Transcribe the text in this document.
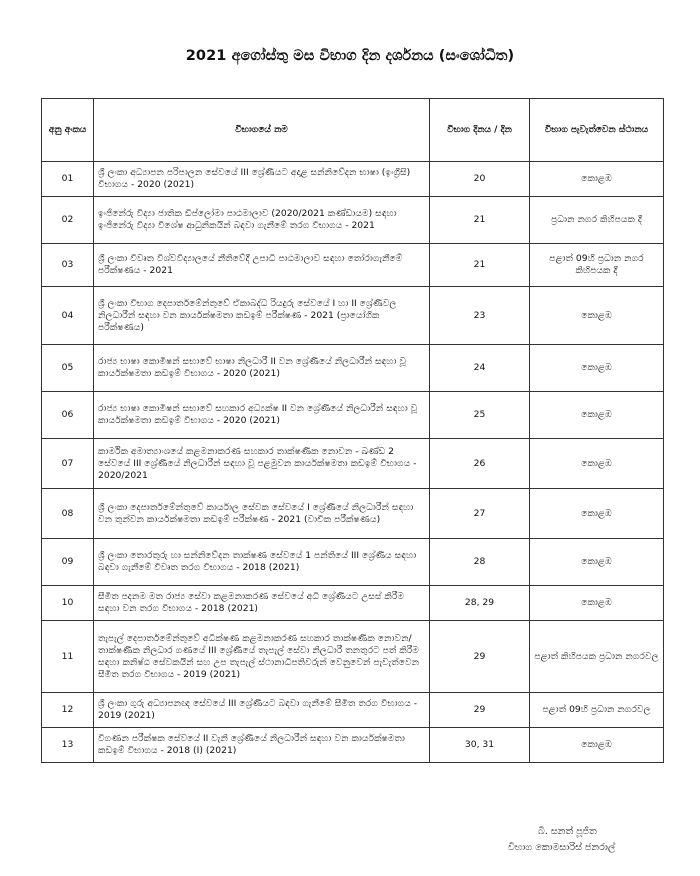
2021 අගෝස්තු මස විභාග දින දර්ශනය (සංශෝධිත)
අනු අංකය	විභාගයේ නම	විභාග දිනය / දින	විභාග පැවැත්වෙන ස්ථානය
01	ශ්‍රී ලංකා අධ්‍යාපන පරිපාලන සේවයේ III ශ්‍රේණියට අදාළ සන්නිවේදන භාෂා (ඉංග්‍රීසි) විභාගය - 2020 (2021)	20	කොළඹ
02	ඉංජිනේරු විද්‍යා ජාතික ඩිප්ලෝමා පාඨමාලාව (2020/2021 කණ්ඩායම) සඳහා ඉංජිනේරු විද්‍යා විශේෂ ආධුනිකයින් බඳවා ගැනීමේ තරග විභාගය - 2021	21	ප්‍රධාන නගර කිහිපයක දී
03	ශ්‍රී ලංකා විවෘත විශ්වවිද්‍යාලයේ නීතිවේදී උපාධි පාඨමාලාව සඳහා තෝරාගැනීමේ පරීක්ෂණය - 2021	21	පළාත් 09හි ප්‍රධාන නගර කිහිපයක දී
04	ශ්‍රී ලංකා විභාග දෙපාර්තමේන්තුවේ ඒකාබද්ධ රියදුරු සේවයේ I හා II ශ්‍රේණිවල නිලධාරීන් සඳහා වන කාර්යක්ෂමතා කඩඉම් පරීක්ෂණ - 2021 (ප්‍රායෝගික පරීක්ෂණය)	23	කොළඹ
05	රාජ්‍ය භාෂා කොමිෂන් සභාවේ භාෂා නිලධාරී II වන ශ්‍රේණියේ නිලධාරීන් සඳහා වූ කාර්යක්ෂමතා කඩඉම් විභාගය - 2020 (2021)	24	කොළඹ
06	රාජ්‍ය භාෂා කොමිෂන් සභාවේ සහකාර අධ්‍යක්ෂ II වන ශ්‍රේණියේ නිලධාරීන් සඳහා වූ කාර්යක්ෂමතා කඩඉම් විභාගය - 2020 (2021)	25	කොළඹ
07	කාර්මික අමාත්‍යාංශයේ කළමනාකරණ සහකාර තාක්ෂණික නොවන - ඛණ්ඩ 2 සේවයේ III ශ්‍රේණියේ නිලධාරීන් සඳහා වූ පළමුවන කාර්යක්ෂමතා කඩඉම් විභාගය - 2020/2021	26	කොළඹ
08	ශ්‍රී ලංකා දෙපාර්තමේන්තුවේ කාර්යාල සේවක සේවයේ I ශ්‍රේණියේ නිලධාරීන් සඳහා වන තුන්වන කාර්යක්ෂමතා කඩඉම් පරීක්ෂණ - 2021 (වාචික පරීක්ෂණය)	27	කොළඹ
09	ශ්‍රී ලංකා තොරතුරු හා සන්නිවේදන තාක්ෂණ සේවයේ 1 පන්තියේ III ශ්‍රේණිය සඳහා බඳවා ගැනීමේ විවෘත තරග විභාගය - 2018 (2021)	28	කොළඹ
10	සීමිත පදනම මත රාජ්‍ය සේවා කළමනාකරණ සේවයේ අධි ශ්‍රේණියට උසස් කිරීම සඳහා වන තරග විභාගය - 2018 (2021)	28, 29	කොළඹ
11	තැපැල් දෙපාර්තමේන්තුවේ අධීක්ෂණ කළමනාකරණ සහකාර තාක්ෂණික නොවන/ තාක්ෂණික නිලධාර ගණයේ III ශ්‍රේණියේ තැපැල් සේවා නිලධාරී තනතුරට පත් කිරීම සඳහා කනිෂ්ඨ සේවකයින් සහ උප තැපැල් ස්ථානාධිපතිවරුන් වෙනුවෙන් පැවැත්වෙන සීමිත තරග විභාගය - 2019 (2021)	29	පළාත් කිහිපයක ප්‍රධාන නගරවල
12	ශ්‍රී ලංකා ගුරු අධ්‍යාපනඥ සේවයේ III ශ්‍රේණියට බඳවා ගැනීමේ සීමිත තරග විභාගය - 2019 (2021)	29	පළාත් 09හි ප්‍රධාන නගරවල
13	විගණන පරීක්ෂක සේවයේ II වැනි ශ්‍රේණියේ නිලධාරීන් සඳහා වන කාර්යක්ෂමතා කඩඉම් විභාගය - 2018 (I) (2021)	30, 31	කොළඹ
බී. සනත් පූජිත
විභාග කොමසාරිස් ජනරාල්
